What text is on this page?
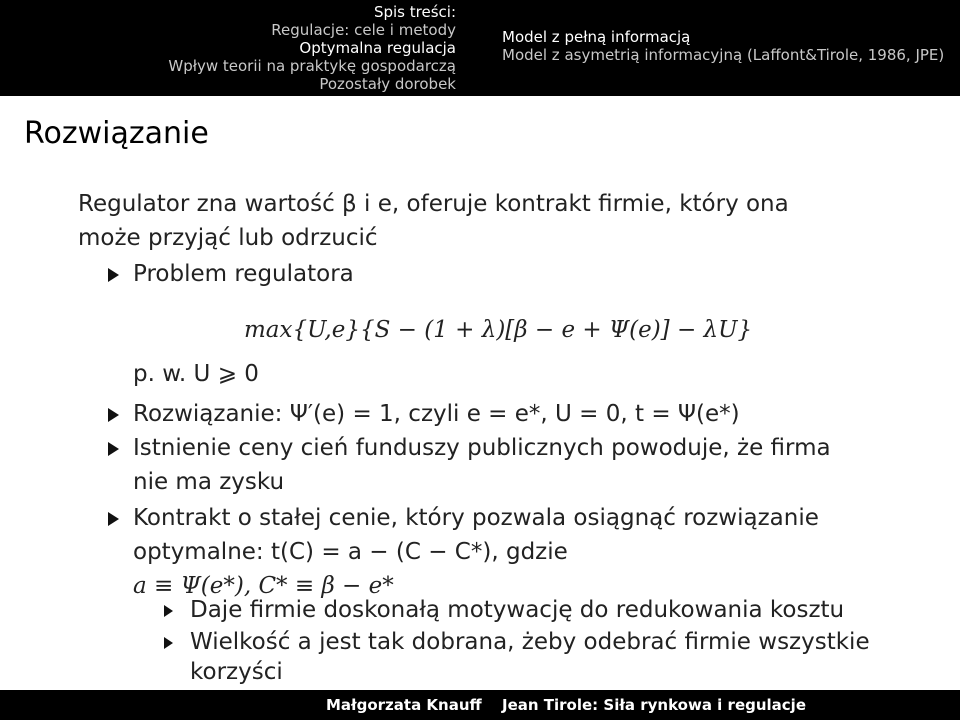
Spis treści:
Regulacje: cele i metody
Optymalna regulacja
Wpływ teorii na praktykę gospodarczą
Pozostały dorobek
Model z pełną informacją
Model z asymetrią informacyjną (Laffont&Tirole, 1986, JPE)
Rozwiązanie
Regulator zna wartość β i e, oferuje kontrakt firmie, który ona
może przyjąć lub odrzucić
Problem regulatora
max{U,e}{S − (1 + λ)[β − e + Ψ(e)] − λU}
p. w. U ⩾ 0
Rozwiązanie: Ψ′(e) = 1, czyli e = e*, U = 0, t = Ψ(e*)
Istnienie ceny cień funduszy publicznych powoduje, że firma
nie ma zysku
Kontrakt o stałej cenie, który pozwala osiągnąć rozwiązanie
optymalne: t(C) = a − (C − C*), gdzie
a ≡ Ψ(e*), C* ≡ β − e*
Daje firmie doskonałą motywację do redukowania kosztu
Wielkość a jest tak dobrana, żeby odebrać firmie wszystkie
korzyści
Małgorzata Knauff Jean Tirole: Siła rynkowa i regulacje
